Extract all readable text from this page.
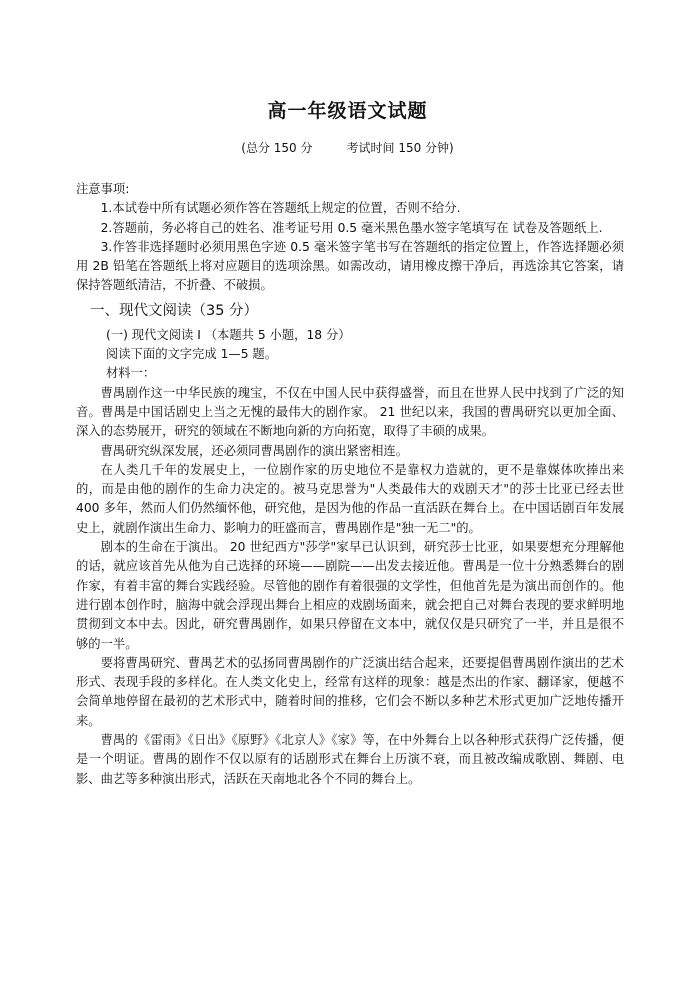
高一年级语文试题
(总分 150 分	考试时间 150 分钟)

注意事项:

1.本试卷中所有试题必须作答在答题纸上规定的位置，否则不给分.

2.答题前，务必将自己的姓名、准考证号用 0.5 毫米黑色墨水签字笔填写在 试卷及答题纸上.

3.作答非选择题时必须用黑色字迹 0.5 毫米签字笔书写在答题纸的指定位置上，作答选择题必须用 2B 铅笔在答题纸上将对应题目的选项涂黑。如需改动，请用橡皮擦干净后，再选涂其它答案，请保持答题纸清洁，不折叠、不破损。

一、现代文阅读（35 分）

(一) 现代文阅读 Ⅰ （本题共 5 小题，18 分）

阅读下面的文字完成 1—5 题。

材料一：

曹禺剧作这一中华民族的瑰宝，不仅在中国人民中获得盛誉，而且在世界人民中找到了广泛的知音。曹禺是中国话剧史上当之无愧的最伟大的剧作家。 21 世纪以来，我国的曹禺研究以更加全面、深入的态势展开，研究的领域在不断地向新的方向拓宽，取得了丰硕的成果。

曹禺研究纵深发展，还必须同曹禺剧作的演出紧密相连。

在人类几千年的发展史上，一位剧作家的历史地位不是靠权力造就的，更不是靠媒体吹捧出来的，而是由他的剧作的生命力决定的。被马克思誉为"人类最伟大的戏剧天才"的莎士比亚已经去世 400 多年，然而人们仍然缅怀他，研究他，是因为他的作品一直活跃在舞台上。在中国话剧百年发展史上，就剧作演出生命力、影响力的旺盛而言，曹禺剧作是"独一无二"的。

剧本的生命在于演出。 20 世纪西方"莎学"家早已认识到，研究莎士比亚，如果要想充分理解他的话，就应该首先从他为自己选择的环境——剧院——出发去接近他。曹禺是一位十分熟悉舞台的剧作家，有着丰富的舞台实践经验。尽管他的剧作有着很强的文学性，但他首先是为演出而创作的。他进行剧本创作时，脑海中就会浮现出舞台上相应的戏剧场面来，就会把自己对舞台表现的要求鲜明地贯彻到文本中去。因此，研究曹禺剧作，如果只停留在文本中，就仅仅是只研究了一半，并且是很不够的一半。

要将曹禺研究、曹禺艺术的弘扬同曹禺剧作的广泛演出结合起来，还要提倡曹禺剧作演出的艺术形式、表现手段的多样化。在人类文化史上，经常有这样的现象：越是杰出的作家、翻译家，便越不会简单地停留在最初的艺术形式中，随着时间的推移，它们会不断以多种艺术形式更加广泛地传播开来。

曹禺的《雷雨》《日出》《原野》《北京人》《家》等，在中外舞台上以各种形式获得广泛传播，便是一个明证。曹禺的剧作不仅以原有的话剧形式在舞台上历演不衰，而且被改编成歌剧、舞剧、电影、曲艺等多种演出形式，活跃在天南地北各个不同的舞台上。
